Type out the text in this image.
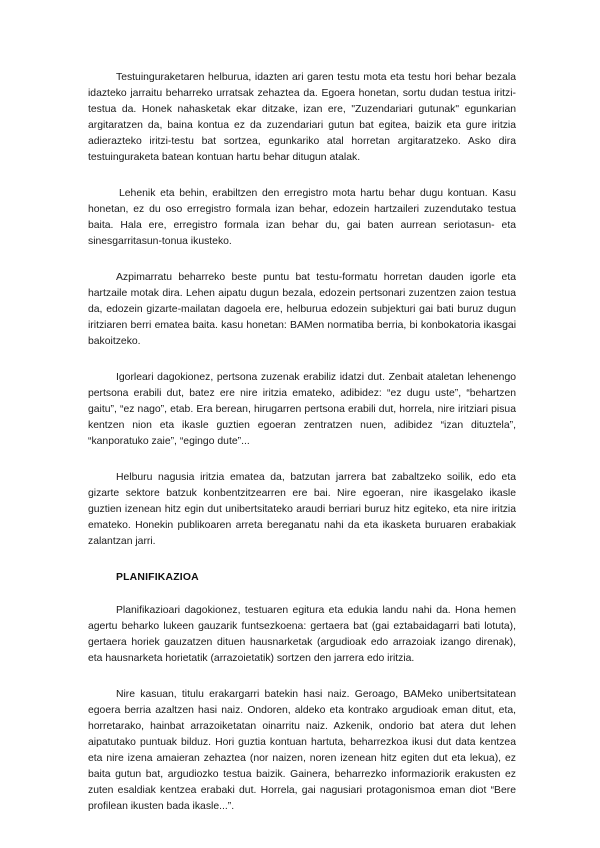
Testuinguraketaren helburua, idazten ari garen testu mota eta testu hori behar bezala idazteko jarraitu beharreko urratsak zehaztea da. Egoera honetan, sortu dudan testua iritzi-testua da. Honek nahasketak ekar ditzake, izan ere, "Zuzendariari gutunak" egunkarian argitaratzen da, baina kontua ez da zuzendariari gutun bat egitea, baizik eta gure iritzia adierazteko iritzi-testu bat sortzea, egunkariko atal horretan argitaratzeko. Asko dira testuinguraketa batean kontuan hartu behar ditugun atalak.

Lehenik eta behin, erabiltzen den erregistro mota hartu behar dugu kontuan. Kasu honetan, ez du oso erregistro formala izan behar, edozein hartzaileri zuzendutako testua baita. Hala ere, erregistro formala izan behar du, gai baten aurrean seriotasun- eta sinesgarritasun-tonua ikusteko.

Azpimarratu beharreko beste puntu bat testu-formatu horretan dauden igorle eta hartzaile motak dira. Lehen aipatu dugun bezala, edozein pertsonari zuzentzen zaion testua da, edozein gizarte-mailatan dagoela ere, helburua edozein subjekturi gai bati buruz dugun iritziaren berri ematea baita. kasu honetan: BAMen normatiba berria, bi konbokatoria ikasgai bakoitzeko.

Igorleari dagokionez, pertsona zuzenak erabiliz idatzi dut. Zenbait ataletan lehenengo pertsona erabili dut, batez ere nire iritzia emateko, adibidez: “ez dugu uste”, “behartzen gaitu”, “ez nago”, etab. Era berean, hirugarren pertsona erabili dut, horrela, nire iritziari pisua kentzen nion eta ikasle guztien egoeran zentratzen nuen, adibidez “izan dituztela”, “kanporatuko zaie”, “egingo dute”...

Helburu nagusia iritzia ematea da, batzutan jarrera bat zabaltzeko soilik, edo eta gizarte sektore batzuk konbentzitzearren ere bai. Nire egoeran, nire ikasgelako ikasle guztien izenean hitz egin dut unibertsitateko araudi berriari buruz hitz egiteko, eta nire iritzia emateko. Honekin publikoaren arreta bereganatu nahi da eta ikasketa buruaren erabakiak zalantzan jarri.

PLANIFIKAZIOA

Planifikazioari dagokionez, testuaren egitura eta edukia landu nahi da. Hona hemen agertu beharko lukeen gauzarik funtsezkoena: gertaera bat (gai eztabaidagarri bati lotuta), gertaera horiek gauzatzen dituen hausnarketak (argudioak edo arrazoiak izango direnak), eta hausnarketa horietatik (arrazoietatik) sortzen den jarrera edo iritzia.

Nire kasuan, titulu erakargarri batekin hasi naiz. Geroago, BAMeko unibertsitatean egoera berria azaltzen hasi naiz. Ondoren, aldeko eta kontrako argudioak eman ditut, eta, horretarako, hainbat arrazoiketatan oinarritu naiz. Azkenik, ondorio bat atera dut lehen aipatutako puntuak bilduz. Hori guztia kontuan hartuta, beharrezkoa ikusi dut data kentzea eta nire izena amaieran zehaztea (nor naizen, noren izenean hitz egiten dut eta lekua), ez baita gutun bat, argudiozko testua baizik. Gainera, beharrezko informaziorik erakusten ez zuten esaldiak kentzea erabaki dut. Horrela, gai nagusiari protagonismoa eman diot “Bere profilean ikusten bada ikasle...”.
